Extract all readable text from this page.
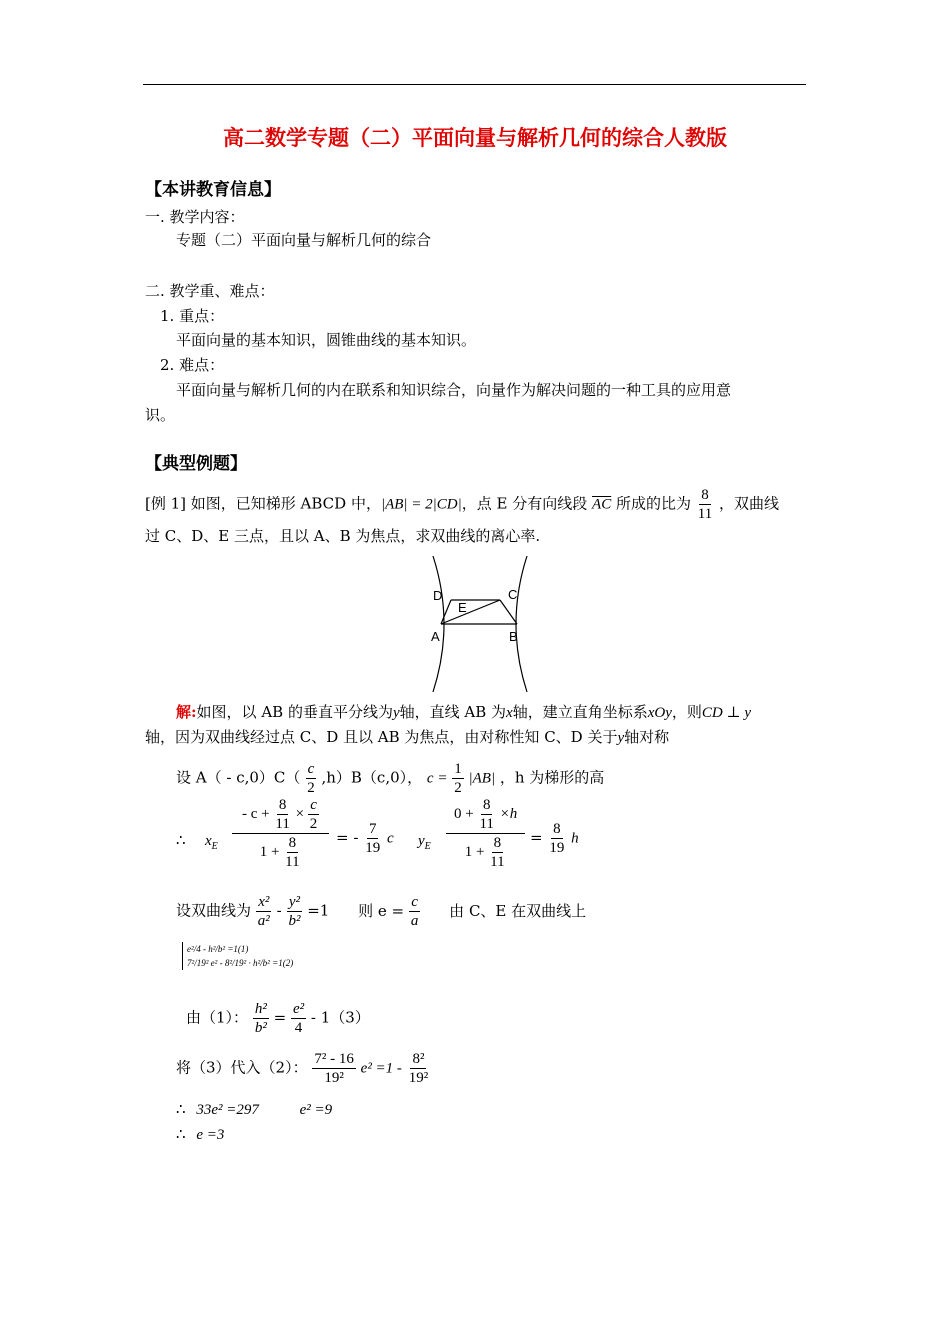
高二数学专题（二）平面向量与解析几何的综合人教版
【本讲教育信息】
一. 教学内容：
专题（二）平面向量与解析几何的综合
二. 教学重、难点：
1. 重点：
平面向量的基本知识，圆锥曲线的基本知识。
2. 难点：
平面向量与解析几何的内在联系和知识综合，向量作为解决问题的一种工具的应用意
识。
【典型例题】
[例 1] 如图，已知梯形 ABCD 中，|AB| = 2|CD|，点 E 分有向线段 $\overline{AC}$ 所成的比为 $\frac{8}{11}$ ，双曲线
过 C、D、E 三点，且以 A、B 为焦点，求双曲线的离心率.
D	C
E
A	B
解:如图，以 AB 的垂直平分线为y轴，直线 AB 为x轴，建立直角坐标系xOy，则CD ⊥ y
轴，因为双曲线经过点 C、D 且以 AB 为焦点，由对称性知 C、D 关于y轴对称
设 $A( - c,0)C( \frac{c}{2} ,h)B(c,0)$， $c = \frac{1}{2} |AB|$ ，h 为梯形的高
∴ $x_E \frac{- c + \frac{8}{11} \times \frac{c}{2}}{1 + \frac{8}{11}}$ = - $\frac{7}{19}$ c $y_E \frac{0 + \frac{8}{11} \times h}{1 + \frac{8}{11}} = \frac{8}{19}$ h
设双曲线为 $\frac{\text{x²}}{\text{a²}} - \frac{\text{y²}}{\text{b²}} =1$ 则 $e = \frac{c}{a}$ 由 C、E 在双曲线上
e²/4 - h²/b² =1(1)
7²/19² e² - 8²/19² · h²/b² =1(2)
由（1）： $\frac{\text{h²}}{\text{b²}} = \frac{\text{e²}}{4} - 1(3)$
将（3）代入（2）： $\frac{\text{7² - 16}}{\text{19²}} e^2 =1 - \frac{\text{8²}}{\text{19²}}$
∴ 33e² =297	e² =9
∴ e =3
